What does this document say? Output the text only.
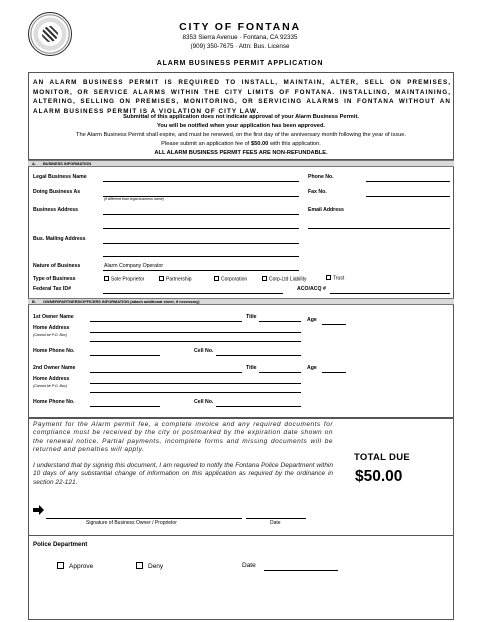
CITY OF FONTANA
8353 Sierra Avenue · Fontana, CA 92335
(909) 350-7675 · Attn: Bus. License
ALARM BUSINESS PERMIT APPLICATION
AN ALARM BUSINESS PERMIT IS REQUIRED TO INSTALL, MAINTAIN, ALTER, SELL ON PREMISES, MONITOR, OR SERVICE ALARMS WITHIN THE CITY LIMITS OF FONTANA. INSTALLING, MAINTAINING, ALTERING, SELLING ON PREMISES, MONITORING, OR SERVICING ALARMS IN FONTANA WITHOUT AN ALARM BUSINESS PERMIT IS A VIOLATION OF CITY LAW.
Submittal of this application does not indicate approval of your Alarm Business Permit.
You will be notified when your application has been approved.
The Alarm Business Permit shall expire, and must be renewed, on the first day of the anniversary month following the year of issue.
Please submit an application fee of $50.00 with this application.
ALL ALARM BUSINESS PERMIT FEES ARE NON-REFUNDABLE.
A. BUSINESS INFORMATION
Legal Business Name	Phone No.
Doing Business As
(if different than legal business name)
Fax No.
Business Address	Email Address
Bus. Mailing Address
Nature of Business	Alarm Company Operator
Type of Business	Sole Proprietor	Partnership	Corporation	Corp-Ltd Liability	Trust
Federal Tax ID#	ACO/ACQ #
B. OWNER/PARTNERS/OFFICERS INFORMATION (attach additional sheet, if necessary)
1st Owner Name	Title	Age
Home Address
(Cannot be P.O. Box)
Home Phone No.	Cell No.
2nd Owner Name	Title	Age
Home Address
(Cannot be P.O. Box)
Home Phone No.	Cell No.
Payment for the Alarm permit fee, a complete invoice and any required documents for compliance must be received by the city or postmarked by the expiration date shown on the renewal notice. Partial payments, incomplete forms and missing documents will be returned and penalties will apply.
I understand that by signing this document, I am required to notify the Fontana Police Department within 10 days of any substantial change of information on this application as required by the ordinance in section 22-121.
TOTAL DUE
$50.00
Signature of Business Owner / Proprietor	Date
Police Department
Approve	Deny	Date
